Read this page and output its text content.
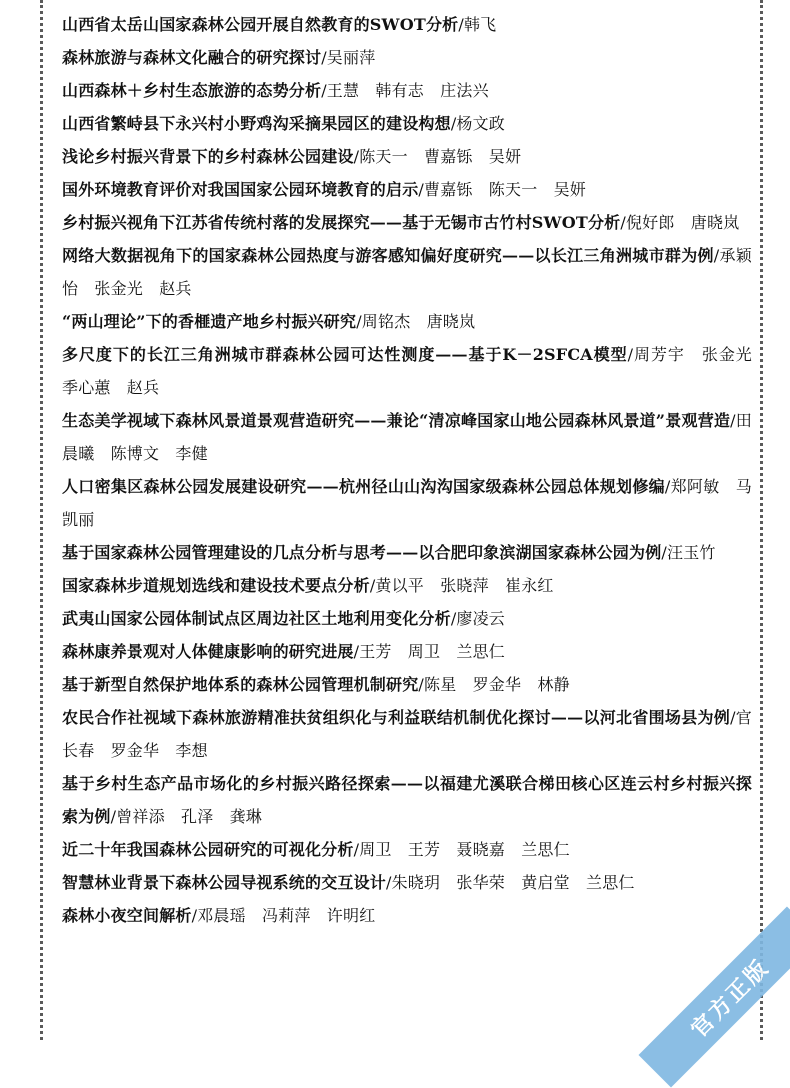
山西省太岳山国家森林公园开展自然教育的SWOT分析/韩飞
森林旅游与森林文化融合的研究探讨/吴丽萍
山西森林＋乡村生态旅游的态势分析/王慧　韩有志　庄法兴
山西省繁峙县下永兴村小野鸡沟采摘果园区的建设构想/杨文政
浅论乡村振兴背景下的乡村森林公园建设/陈天一　曹嘉铄　吴妍
国外环境教育评价对我国国家公园环境教育的启示/曹嘉铄　陈天一　吴妍
乡村振兴视角下江苏省传统村落的发展探究——基于无锡市古竹村SWOT分析/倪好郎　唐晓岚
网络大数据视角下的国家森林公园热度与游客感知偏好度研究——以长江三角洲城市群为例/承颖怡　张金光　赵兵
“两山理论”下的香榧遗产地乡村振兴研究/周铭杰　唐晓岚
多尺度下的长江三角洲城市群森林公园可达性测度——基于K－2SFCA模型/周芳宇　张金光　季心蕙　赵兵
生态美学视域下森林风景道景观营造研究——兼论“清凉峰国家山地公园森林风景道”景观营造/田晨曦　陈博文　李健
人口密集区森林公园发展建设研究——杭州径山山沟沟国家级森林公园总体规划修编/郑阿敏　马凯丽
基于国家森林公园管理建设的几点分析与思考——以合肥印象滨湖国家森林公园为例/汪玉竹
国家森林步道规划选线和建设技术要点分析/黄以平　张晓萍　崔永红
武夷山国家公园体制试点区周边社区土地利用变化分析/廖凌云
森林康养景观对人体健康影响的研究进展/王芳　周卫　兰思仁
基于新型自然保护地体系的森林公园管理机制研究/陈星　罗金华　林静
农民合作社视域下森林旅游精准扶贫组织化与利益联结机制优化探讨——以河北省围场县为例/官长春　罗金华　李想
基于乡村生态产品市场化的乡村振兴路径探索——以福建尤溪联合梯田核心区连云村乡村振兴探索为例/曾祥添　孔泽　龚琳
近二十年我国森林公园研究的可视化分析/周卫　王芳　聂晓嘉　兰思仁
智慧林业背景下森林公园导视系统的交互设计/朱晓玥　张华荣　黄启堂　兰思仁
森林小夜空间解析/邓晨瑶　冯莉萍　许明红
官方正版
